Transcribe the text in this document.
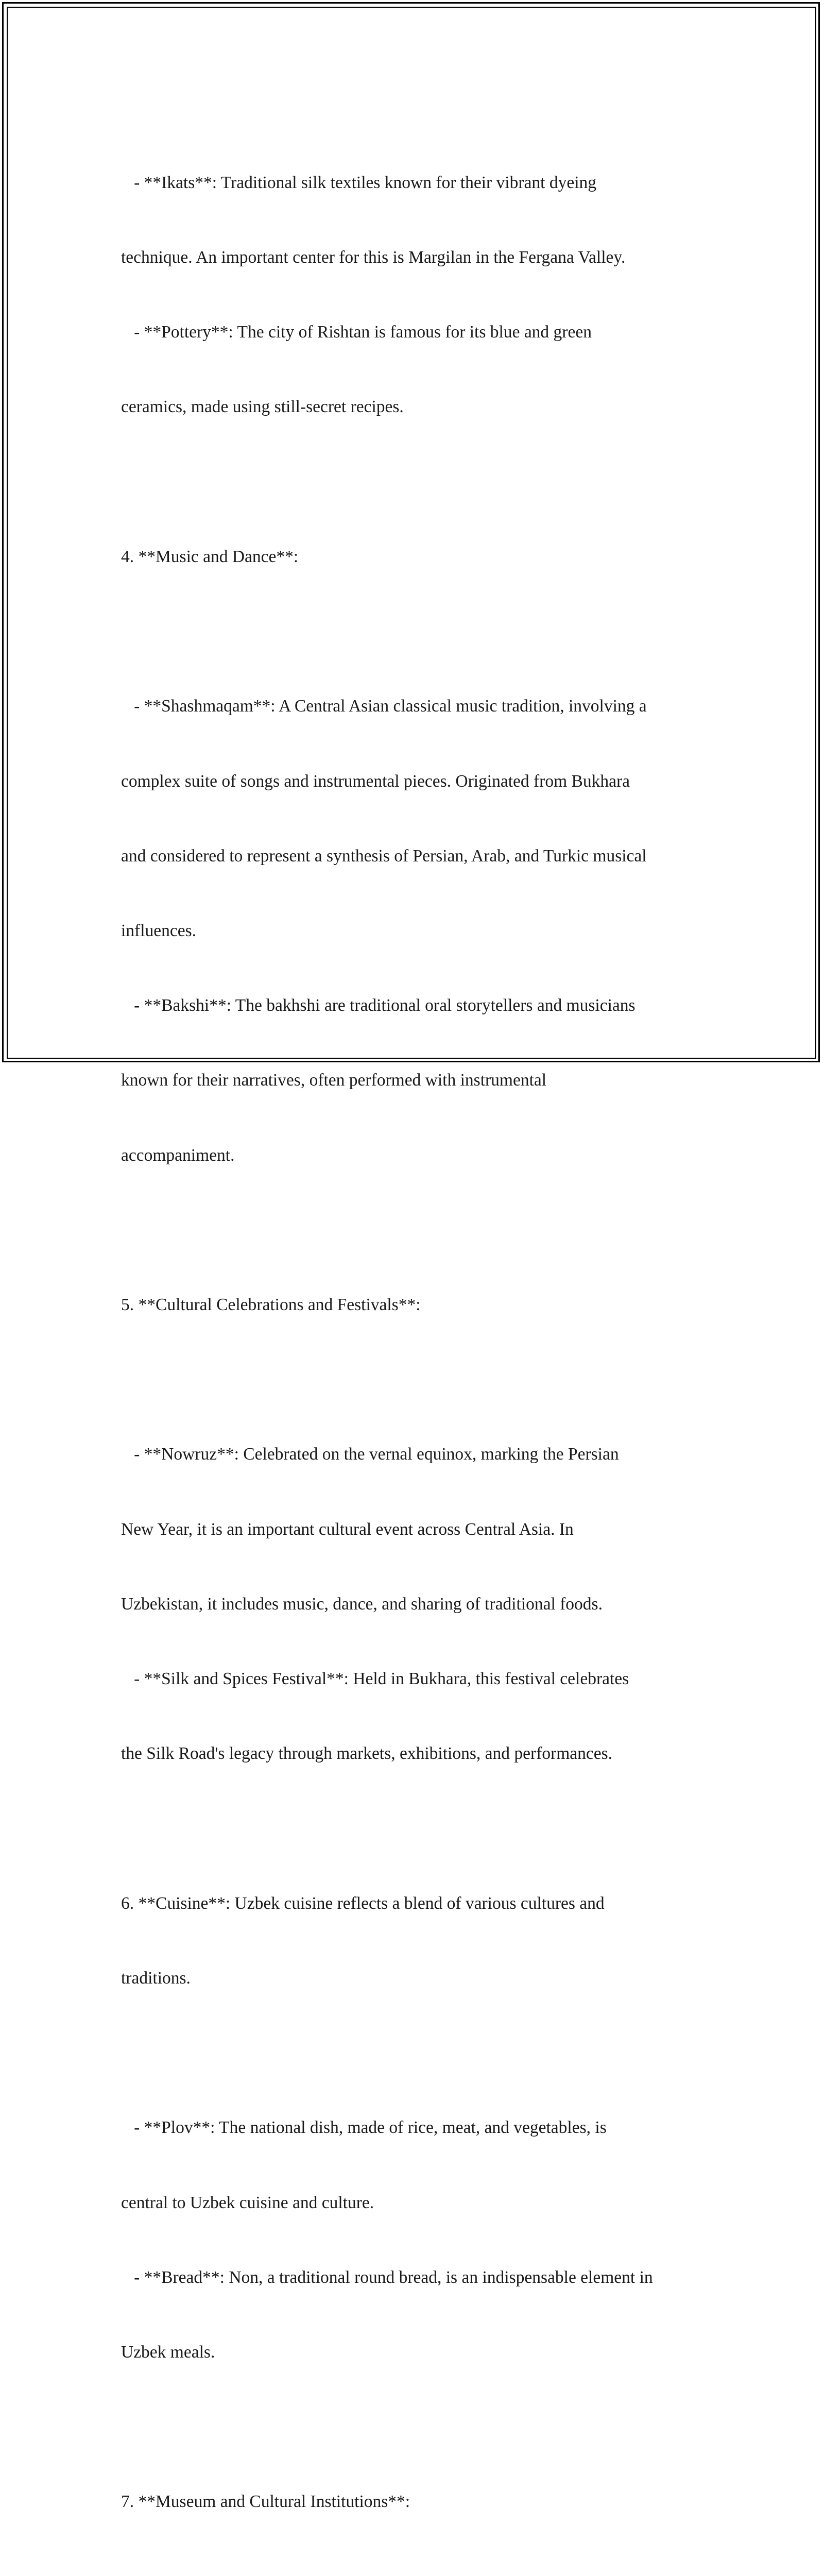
- **Ikats**: Traditional silk textiles known for their vibrant dyeing

technique. An important center for this is Margilan in the Fergana Valley.

- **Pottery**: The city of Rishtan is famous for its blue and green

ceramics, made using still-secret recipes.

4. **Music and Dance**:

- **Shashmaqam**: A Central Asian classical music tradition, involving a

complex suite of songs and instrumental pieces. Originated from Bukhara

and considered to represent a synthesis of Persian, Arab, and Turkic musical

influences.

- **Bakshi**: The bakhshi are traditional oral storytellers and musicians

known for their narratives, often performed with instrumental

accompaniment.

5. **Cultural Celebrations and Festivals**:

- **Nowruz**: Celebrated on the vernal equinox, marking the Persian

New Year, it is an important cultural event across Central Asia. In

Uzbekistan, it includes music, dance, and sharing of traditional foods.

- **Silk and Spices Festival**: Held in Bukhara, this festival celebrates

the Silk Road's legacy through markets, exhibitions, and performances.

6. **Cuisine**: Uzbek cuisine reflects a blend of various cultures and

traditions.

- **Plov**: The national dish, made of rice, meat, and vegetables, is

central to Uzbek cuisine and culture.

- **Bread**: Non, a traditional round bread, is an indispensable element in

Uzbek meals.

7. **Museum and Cultural Institutions**:
